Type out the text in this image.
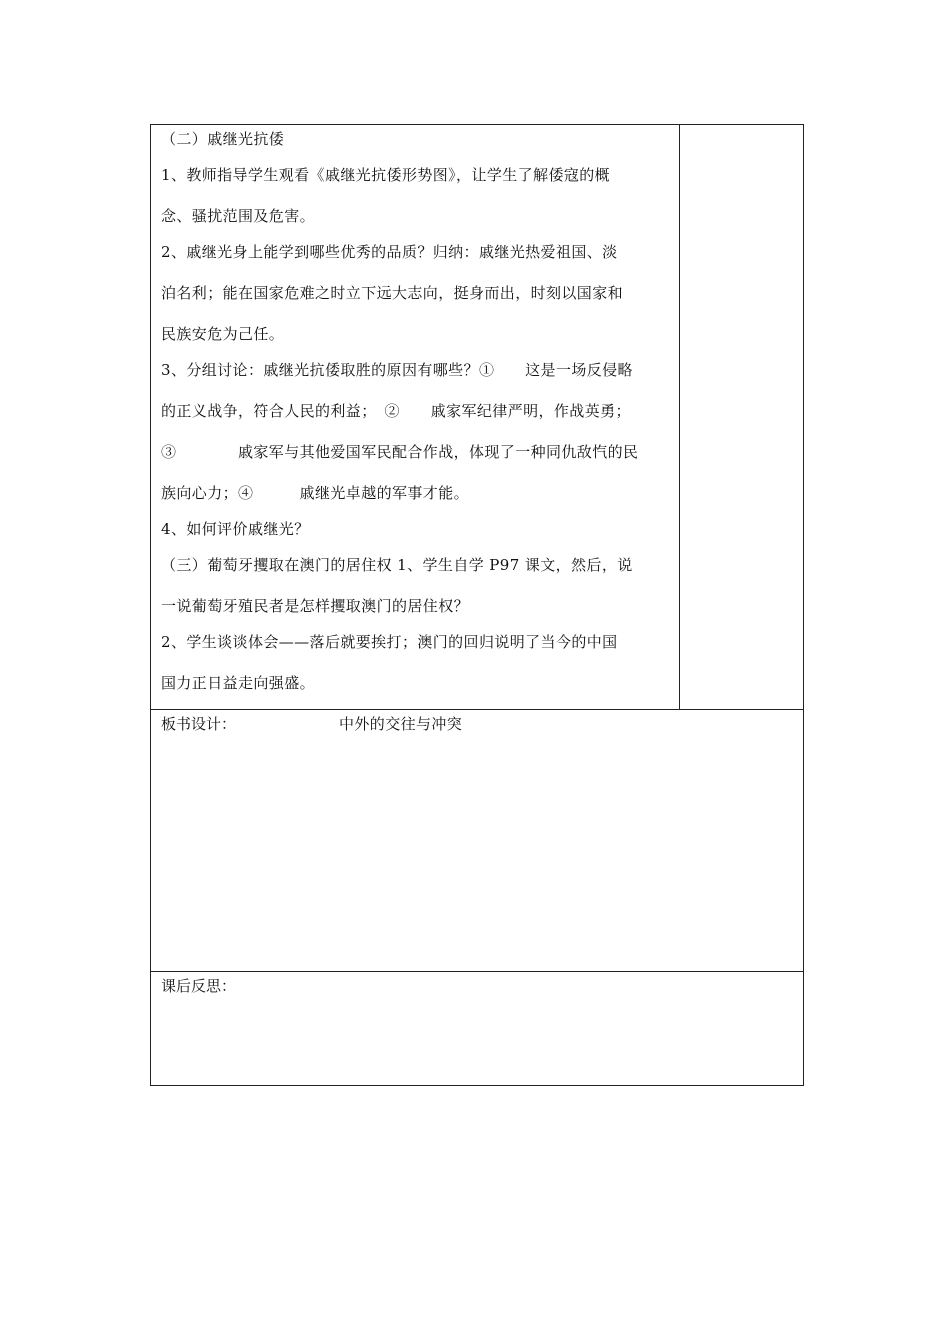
（二）戚继光抗倭
1、教师指导学生观看《戚继光抗倭形势图》，让学生了解倭寇的概
念、骚扰范围及危害。
2、戚继光身上能学到哪些优秀的品质？归纳：戚继光热爱祖国、淡
泊名利；能在国家危难之时立下远大志向，挺身而出，时刻以国家和
民族安危为己任。
3、分组讨论：戚继光抗倭取胜的原因有哪些？①　　这是一场反侵略
的正义战争，符合人民的利益；　②　　戚家军纪律严明，作战英勇；
③　　　　戚家军与其他爱国军民配合作战，体现了一种同仇敌忾的民
族向心力；④　　　戚继光卓越的军事才能。
4、如何评价戚继光？
（三）葡萄牙攫取在澳门的居住权 1、学生自学 P97 课文，然后，说
一说葡萄牙殖民者是怎样攫取澳门的居住权？
2、学生谈谈体会——落后就要挨打；澳门的回归说明了当今的中国
国力正日益走向强盛。
板书设计：	中外的交往与冲突
课后反思：
